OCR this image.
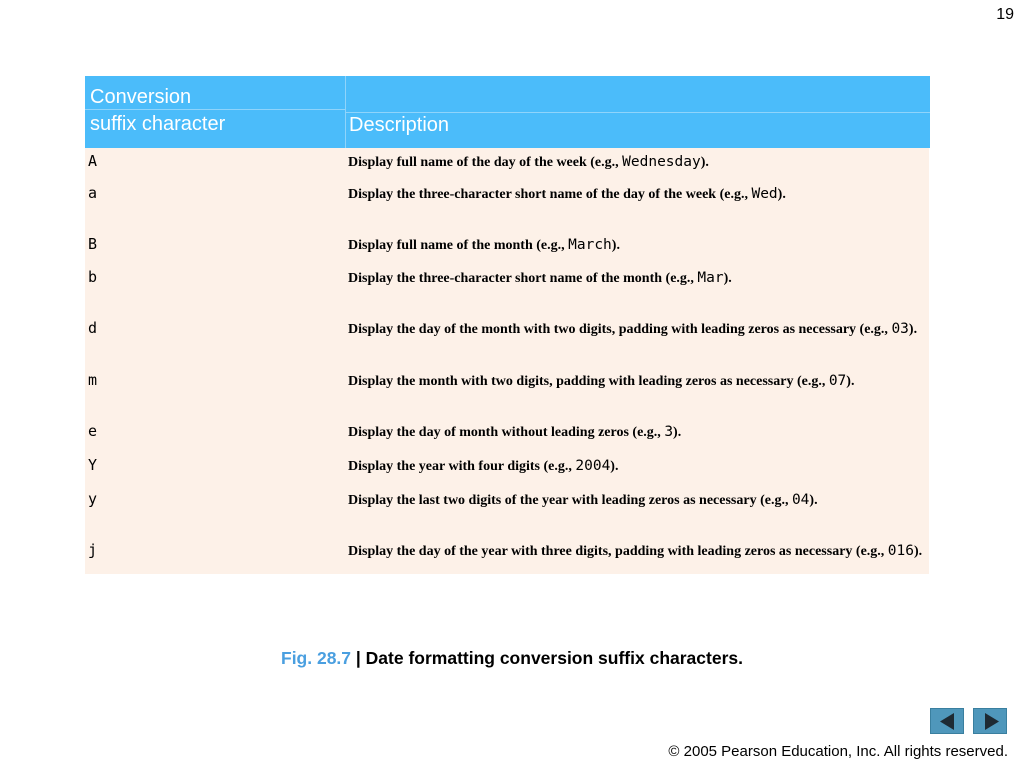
19
Conversion
suffix character	Description
A	Display full name of the day of the week (e.g., Wednesday).
a	Display the three-character short name of the day of the week (e.g., Wed).
B	Display full name of the month (e.g., March).
b	Display the three-character short name of the month (e.g., Mar).
d	Display the day of the month with two digits, padding with leading zeros as necessary (e.g., 03).
m	Display the month with two digits, padding with leading zeros as necessary (e.g., 07).
e	Display the day of month without leading zeros (e.g., 3).
Y	Display the year with four digits (e.g., 2004).
y	Display the last two digits of the year with leading zeros as necessary (e.g., 04).
j	Display the day of the year with three digits, padding with leading zeros as necessary (e.g., 016).
Fig. 28.7 | Date formatting conversion suffix characters.
© 2005 Pearson Education, Inc. All rights reserved.
